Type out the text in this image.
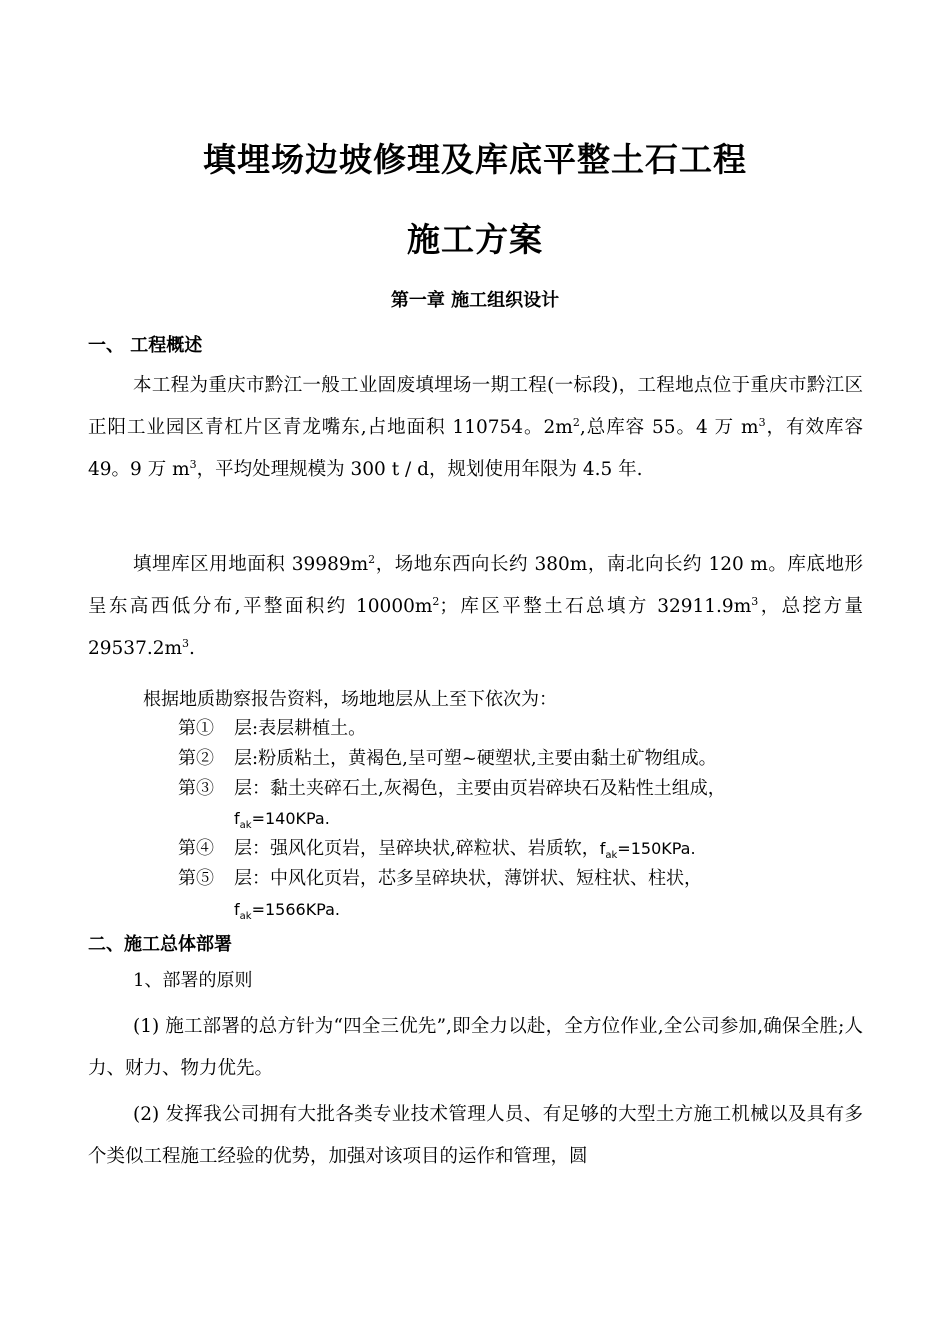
填埋场边坡修理及库底平整土石工程
施工方案
第一章 施工组织设计
一、 工程概述

本工程为重庆市黔江一般工业固废填埋场一期工程(一标段)，工程地点位于重庆市黔江区正阳工业园区青杠片区青龙嘴东,占地面积 110754。$2m^2$,总库容 55。4 万 $m^3$，有效库容 49。9 万 $m^3$，平均处理规模为 300 t / d，规划使用年限为 4.5 年.

填埋库区用地面积 $39989m^2$，场地东西向长约 380m，南北向长约 120 m。库底地形呈东高西低分布,平整面积约 $10000m^2$；库区平整土石总填方 $32911.9m^3$，总挖方量 $29537.2m^3$.

根据地质勘察报告资料，场地地层从上至下依次为：
第① 层:表层耕植土。
第② 层:粉质粘土，黄褐色,呈可塑~硬塑状,主要由黏土矿物组成。
第③ 层：黏土夹碎石土,灰褐色，主要由页岩碎块石及粘性土组成，
$f_{ak}=140KPa$.
第④ 层：强风化页岩，呈碎块状,碎粒状、岩质软，$f_{ak}=150KPa$.
第⑤ 层：中风化页岩，芯多呈碎块状，薄饼状、短柱状、柱状，
$f_{ak}=1566KPa$.
二、施工总体部署
1、部署的原则

(1) 施工部署的总方针为“四全三优先”,即全力以赴，全方位作业,全公司参加,确保全胜;人力、财力、物力优先。

(2) 发挥我公司拥有大批各类专业技术管理人员、有足够的大型土方施工机械以及具有多个类似工程施工经验的优势，加强对该项目的运作和管理，圆
